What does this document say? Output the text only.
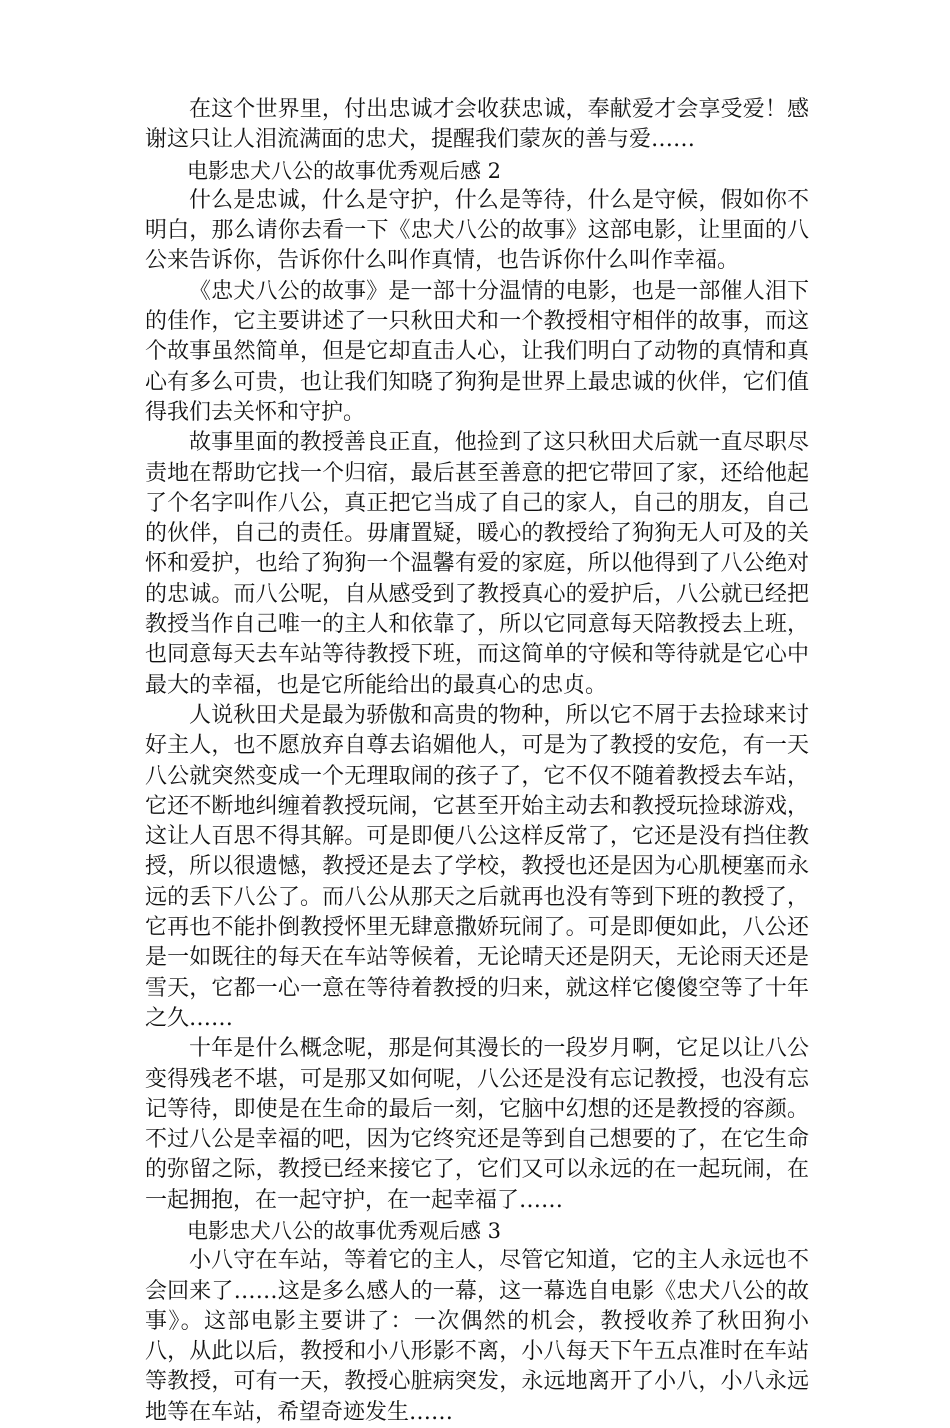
在这个世界里，付出忠诚才会收获忠诚，奉献爱才会享受爱！感谢这只让人泪流满面的忠犬，提醒我们蒙灰的善与爱……

电影忠犬八公的故事优秀观后感 2

什么是忠诚，什么是守护，什么是等待，什么是守候，假如你不明白，那么请你去看一下《忠犬八公的故事》这部电影，让里面的八公来告诉你，告诉你什么叫作真情，也告诉你什么叫作幸福。

《忠犬八公的故事》是一部十分温情的电影，也是一部催人泪下的佳作，它主要讲述了一只秋田犬和一个教授相守相伴的故事，而这个故事虽然简单，但是它却直击人心，让我们明白了动物的真情和真心有多么可贵，也让我们知晓了狗狗是世界上最忠诚的伙伴，它们值得我们去关怀和守护。

故事里面的教授善良正直，他捡到了这只秋田犬后就一直尽职尽责地在帮助它找一个归宿，最后甚至善意的把它带回了家，还给他起了个名字叫作八公，真正把它当成了自己的家人，自己的朋友，自己的伙伴，自己的责任。毋庸置疑，暖心的教授给了狗狗无人可及的关怀和爱护，也给了狗狗一个温馨有爱的家庭，所以他得到了八公绝对的忠诚。而八公呢，自从感受到了教授真心的爱护后，八公就已经把教授当作自己唯一的主人和依靠了，所以它同意每天陪教授去上班，也同意每天去车站等待教授下班，而这简单的守候和等待就是它心中最大的幸福，也是它所能给出的最真心的忠贞。

人说秋田犬是最为骄傲和高贵的物种，所以它不屑于去捡球来讨好主人，也不愿放弃自尊去谄媚他人，可是为了教授的安危，有一天八公就突然变成一个无理取闹的孩子了，它不仅不随着教授去车站，它还不断地纠缠着教授玩闹，它甚至开始主动去和教授玩捡球游戏，这让人百思不得其解。可是即便八公这样反常了，它还是没有挡住教授，所以很遗憾，教授还是去了学校，教授也还是因为心肌梗塞而永远的丢下八公了。而八公从那天之后就再也没有等到下班的教授了，它再也不能扑倒教授怀里无肆意撒娇玩闹了。可是即便如此，八公还是一如既往的每天在车站等候着，无论晴天还是阴天，无论雨天还是雪天，它都一心一意在等待着教授的归来，就这样它傻傻空等了十年之久……

十年是什么概念呢，那是何其漫长的一段岁月啊，它足以让八公变得残老不堪，可是那又如何呢，八公还是没有忘记教授，也没有忘记等待，即使是在生命的最后一刻，它脑中幻想的还是教授的容颜。不过八公是幸福的吧，因为它终究还是等到自己想要的了，在它生命的弥留之际，教授已经来接它了，它们又可以永远的在一起玩闹，在一起拥抱，在一起守护，在一起幸福了……

电影忠犬八公的故事优秀观后感 3

小八守在车站，等着它的主人，尽管它知道，它的主人永远也不会回来了……这是多么感人的一幕，这一幕选自电影《忠犬八公的故事》。这部电影主要讲了：一次偶然的机会，教授收养了秋田狗小八，从此以后，教授和小八形影不离，小八每天下午五点准时在车站等教授，可有一天，教授心脏病突发，永远地离开了小八，小八永远地等在车站，希望奇迹发生……
